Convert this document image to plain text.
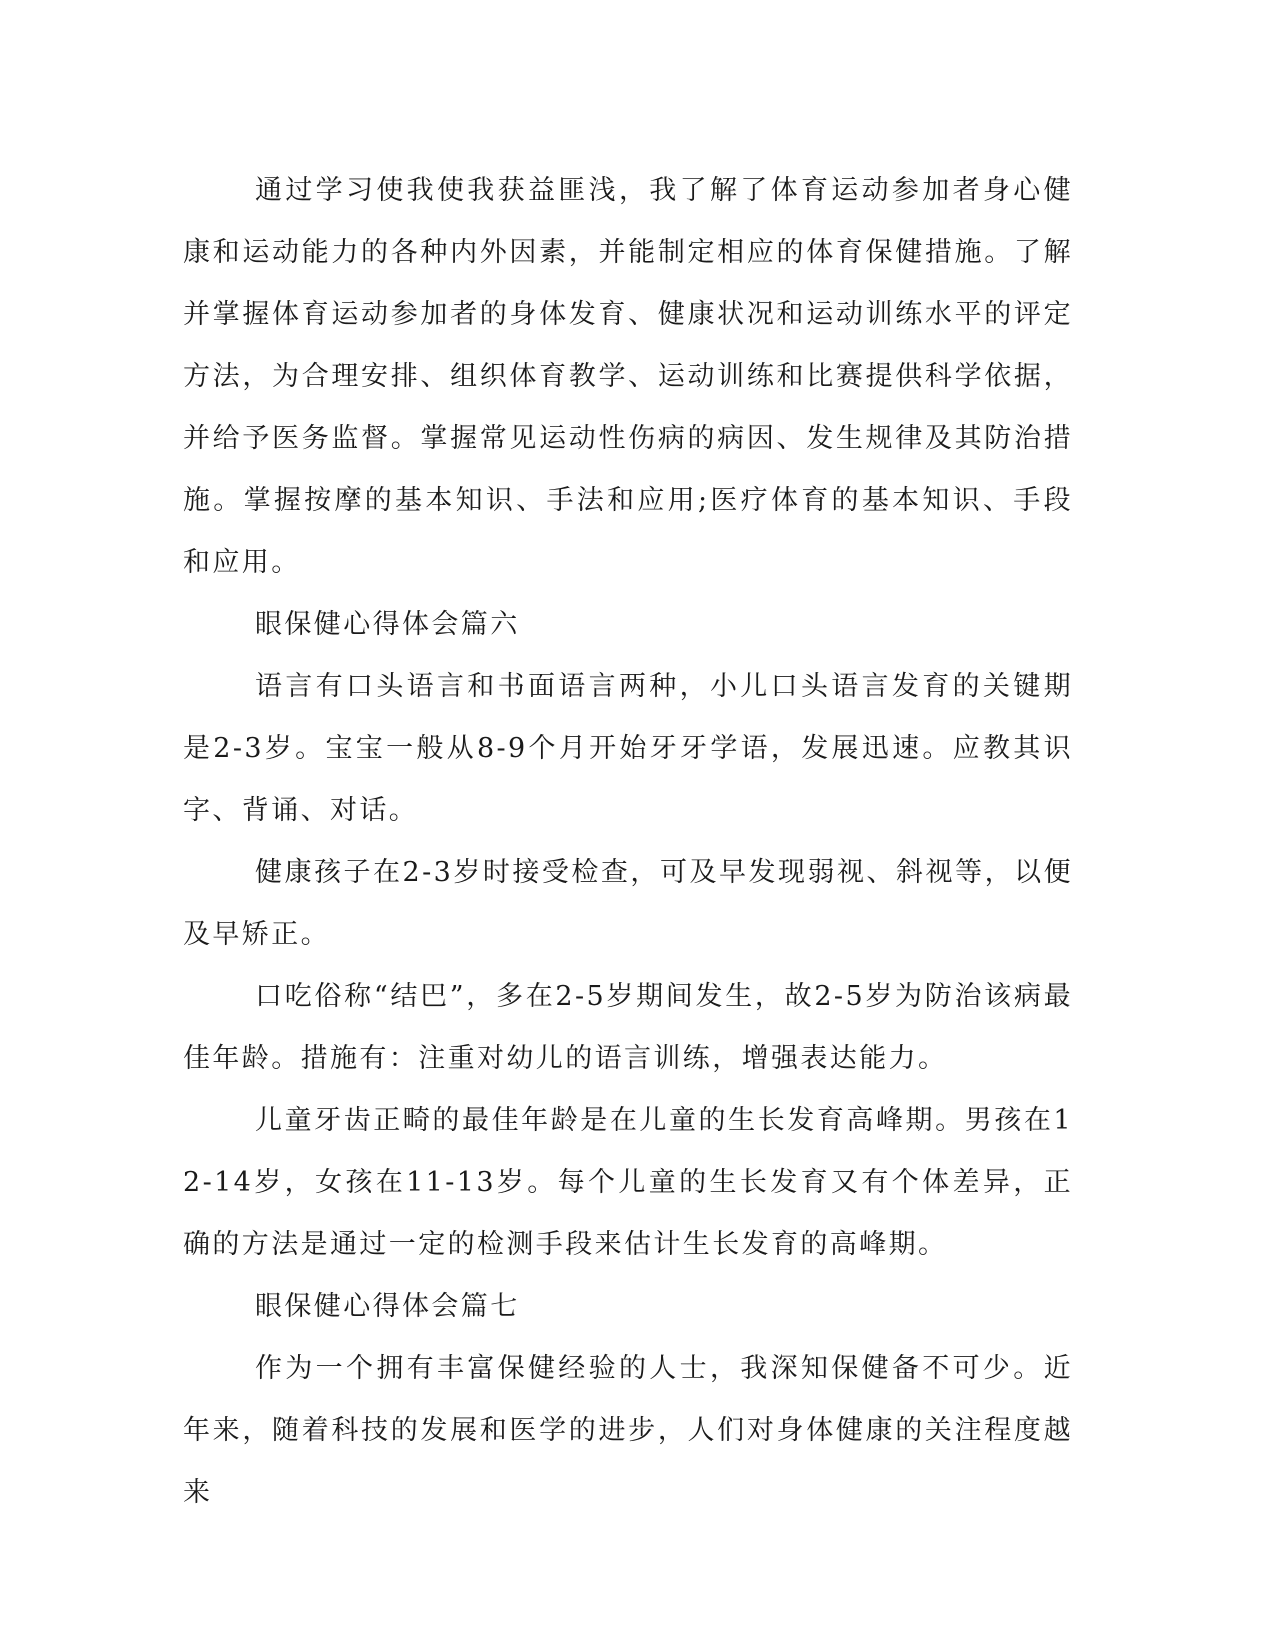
通过学习使我使我获益匪浅，我了解了体育运动参加者身心健康和运动能力的各种内外因素，并能制定相应的体育保健措施。了解并掌握体育运动参加者的身体发育、健康状况和运动训练水平的评定方法，为合理安排、组织体育教学、运动训练和比赛提供科学依据，并给予医务监督。掌握常见运动性伤病的病因、发生规律及其防治措施。掌握按摩的基本知识、手法和应用;医疗体育的基本知识、手段和应用。

眼保健心得体会篇六

语言有口头语言和书面语言两种，小儿口头语言发育的关键期是2-3岁。宝宝一般从8-9个月开始牙牙学语，发展迅速。应教其识字、背诵、对话。

健康孩子在2-3岁时接受检查，可及早发现弱视、斜视等，以便及早矫正。

口吃俗称“结巴”，多在2-5岁期间发生，故2-5岁为防治该病最佳年龄。措施有：注重对幼儿的语言训练，增强表达能力。

儿童牙齿正畸的最佳年龄是在儿童的生长发育高峰期。男孩在12-14岁，女孩在11-13岁。每个儿童的生长发育又有个体差异，正确的方法是通过一定的检测手段来估计生长发育的高峰期。

眼保健心得体会篇七

作为一个拥有丰富保健经验的人士，我深知保健备不可少。近年来，随着科技的发展和医学的进步，人们对身体健康的关注程度越来
